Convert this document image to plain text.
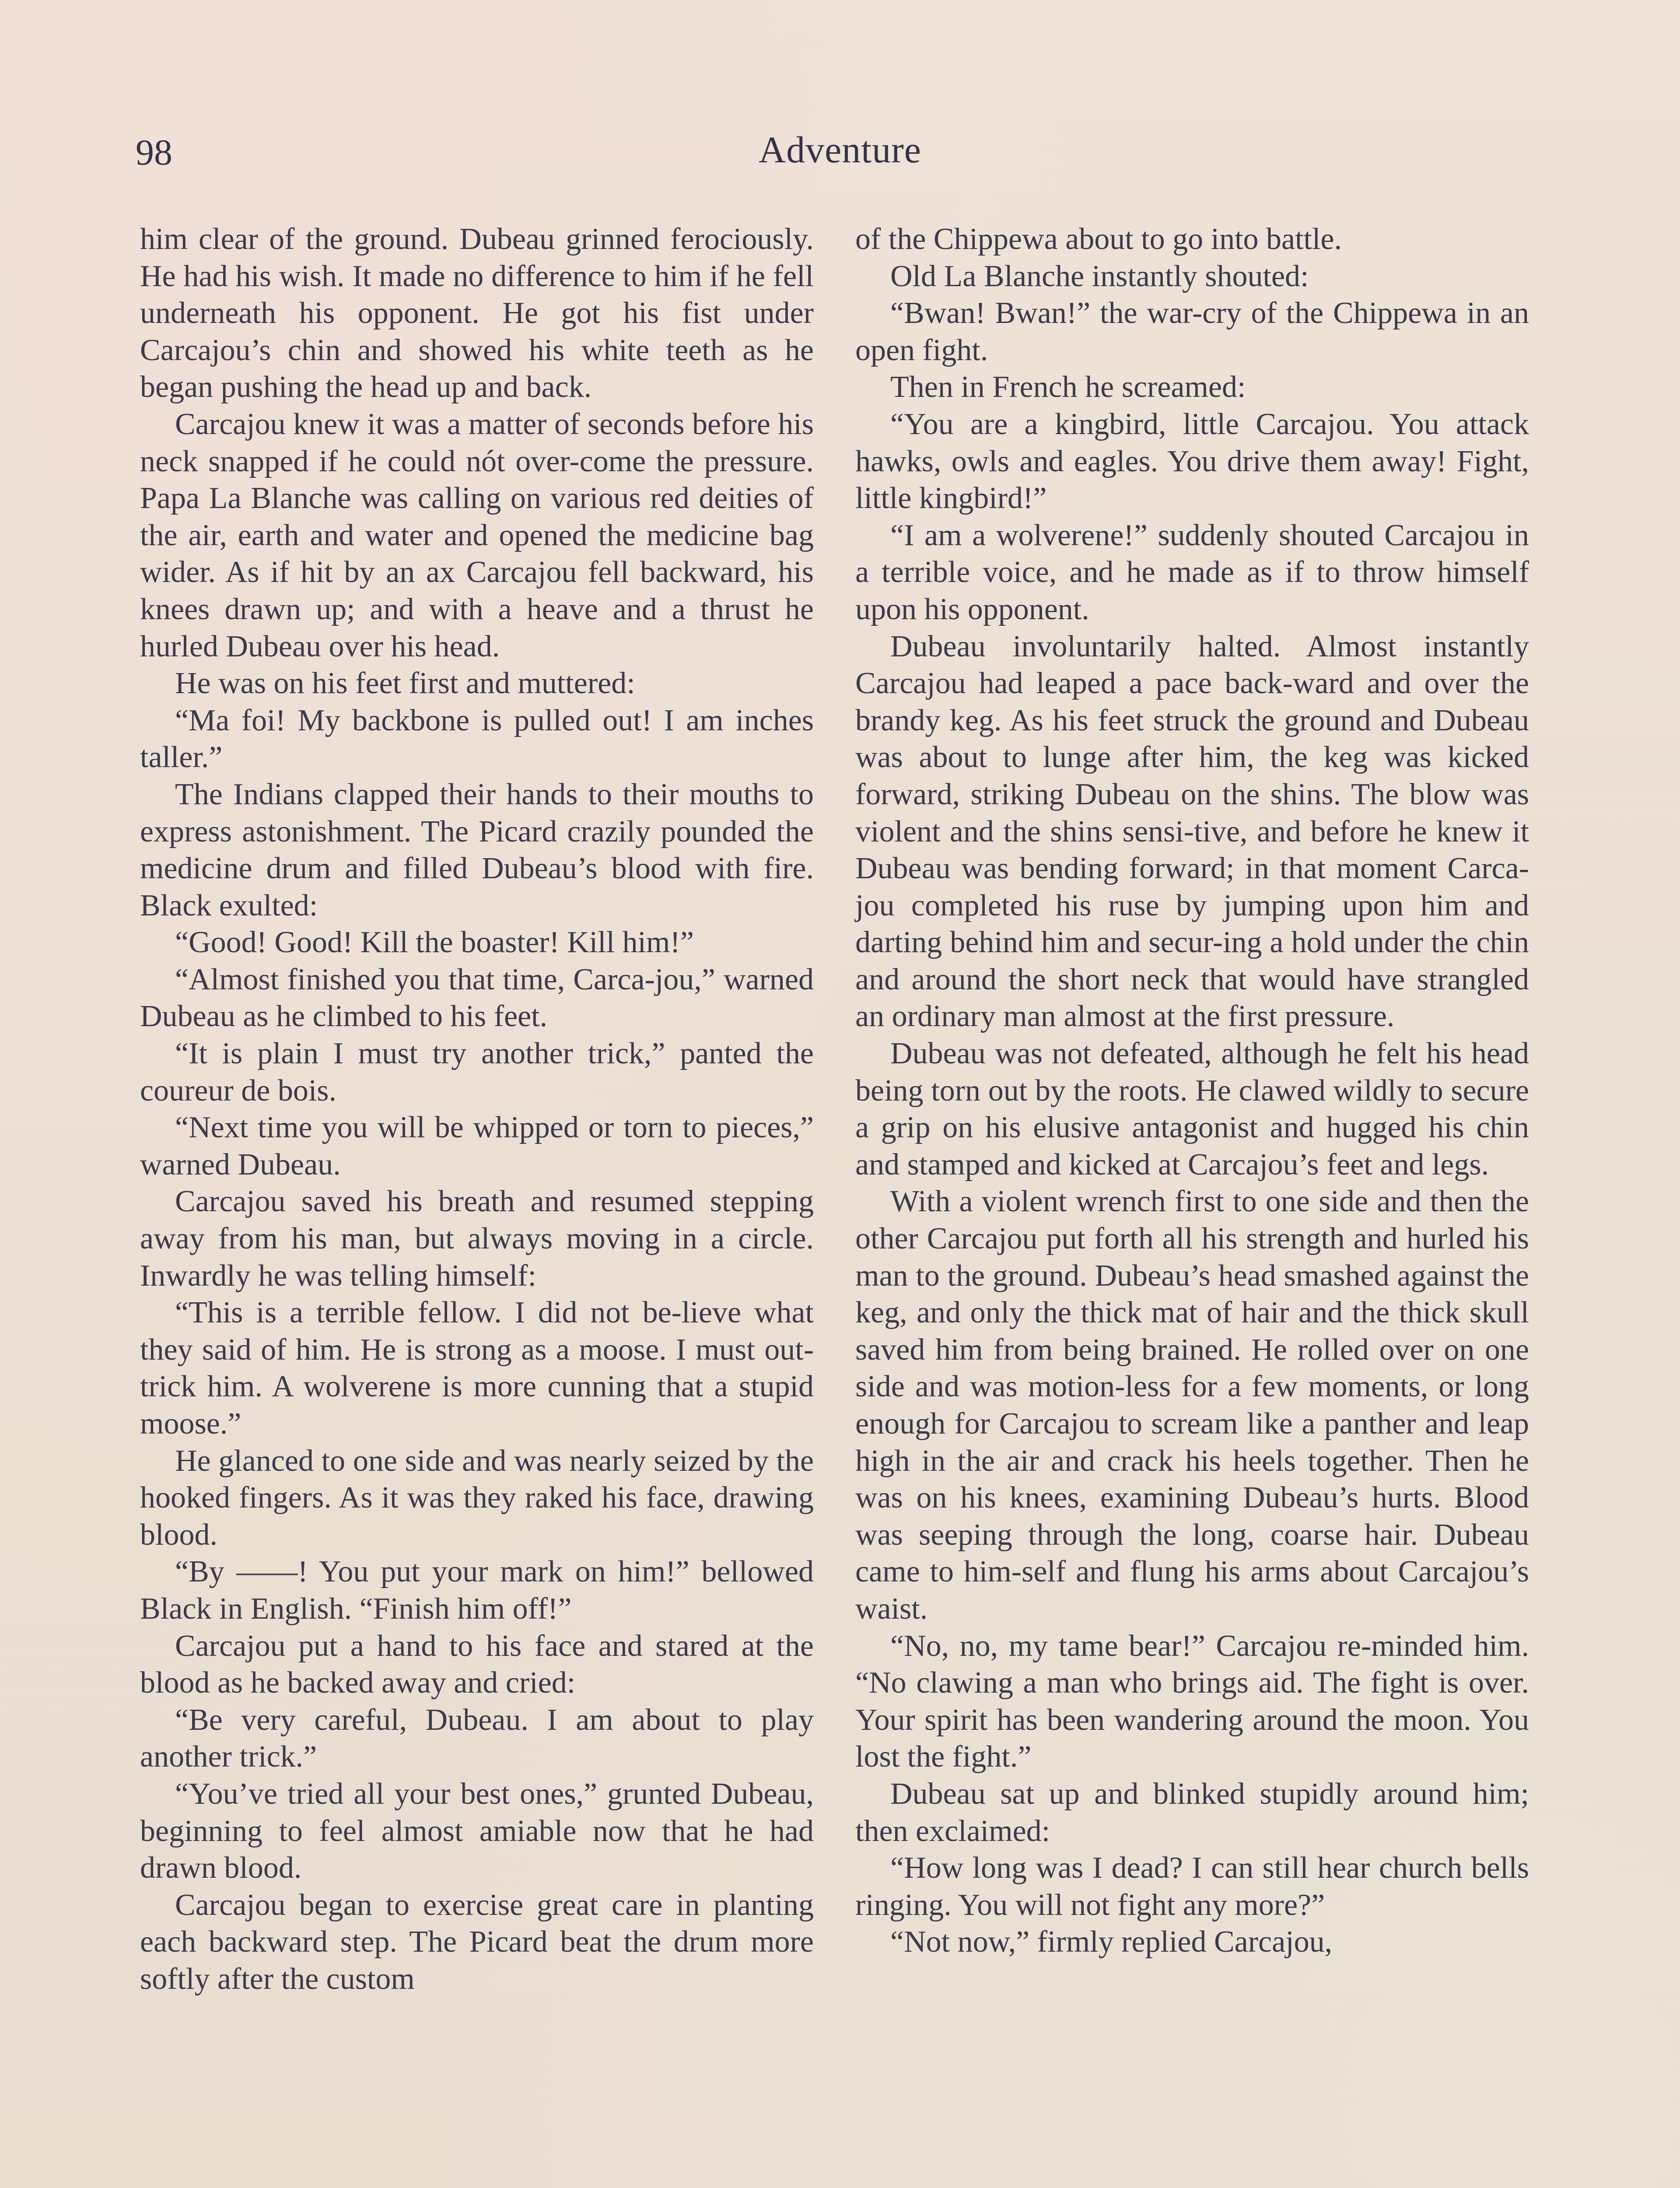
98	Adventure

him clear of the ground. Dubeau grinned ferociously. He had his wish. It made no difference to him if he fell underneath his opponent. He got his fist under Carcajou’s chin and showed his white teeth as he began pushing the head up and back.

Carcajou knew it was a matter of seconds before his neck snapped if he could nót over-come the pressure. Papa La Blanche was calling on various red deities of the air, earth and water and opened the medicine bag wider. As if hit by an ax Carcajou fell backward, his knees drawn up; and with a heave and a thrust he hurled Dubeau over his head.

He was on his feet first and muttered:

“Ma foi! My backbone is pulled out! I am inches taller.”

The Indians clapped their hands to their mouths to express astonishment. The Picard crazily pounded the medicine drum and filled Dubeau’s blood with fire. Black exulted:

“Good! Good! Kill the boaster! Kill him!”

“Almost finished you that time, Carca-jou,” warned Dubeau as he climbed to his feet.

“It is plain I must try another trick,” panted the coureur de bois.

“Next time you will be whipped or torn to pieces,” warned Dubeau.

Carcajou saved his breath and resumed stepping away from his man, but always moving in a circle. Inwardly he was telling himself:

“This is a terrible fellow. I did not be-lieve what they said of him. He is strong as a moose. I must out-trick him. A wolverene is more cunning that a stupid moose.”

He glanced to one side and was nearly seized by the hooked fingers. As it was they raked his face, drawing blood.

“By ——! You put your mark on him!” bellowed Black in English. “Finish him off!”

Carcajou put a hand to his face and stared at the blood as he backed away and cried:

“Be very careful, Dubeau. I am about to play another trick.”

“You’ve tried all your best ones,” grunted Dubeau, beginning to feel almost amiable now that he had drawn blood.

Carcajou began to exercise great care in planting each backward step. The Picard beat the drum more softly after the custom

of the Chippewa about to go into battle.

Old La Blanche instantly shouted:

“Bwan! Bwan!” the war-cry of the Chippewa in an open fight.

Then in French he screamed:

“You are a kingbird, little Carcajou. You attack hawks, owls and eagles. You drive them away! Fight, little kingbird!”

“I am a wolverene!” suddenly shouted Carcajou in a terrible voice, and he made as if to throw himself upon his opponent.

Dubeau involuntarily halted. Almost instantly Carcajou had leaped a pace back-ward and over the brandy keg. As his feet struck the ground and Dubeau was about to lunge after him, the keg was kicked forward, striking Dubeau on the shins. The blow was violent and the shins sensi-tive, and before he knew it Dubeau was bending forward; in that moment Carca-jou completed his ruse by jumping upon him and darting behind him and secur-ing a hold under the chin and around the short neck that would have strangled an ordinary man almost at the first pressure.

Dubeau was not defeated, although he felt his head being torn out by the roots. He clawed wildly to secure a grip on his elusive antagonist and hugged his chin and stamped and kicked at Carcajou’s feet and legs.

With a violent wrench first to one side and then the other Carcajou put forth all his strength and hurled his man to the ground. Dubeau’s head smashed against the keg, and only the thick mat of hair and the thick skull saved him from being brained. He rolled over on one side and was motion-less for a few moments, or long enough for Carcajou to scream like a panther and leap high in the air and crack his heels together. Then he was on his knees, examining Dubeau’s hurts. Blood was seeping through the long, coarse hair. Dubeau came to him-self and flung his arms about Carcajou’s waist.

“No, no, my tame bear!” Carcajou re-minded him. “No clawing a man who brings aid. The fight is over. Your spirit has been wandering around the moon. You lost the fight.”

Dubeau sat up and blinked stupidly around him; then exclaimed:

“How long was I dead? I can still hear church bells ringing. You will not fight any more?”

“Not now,” firmly replied Carcajou,
